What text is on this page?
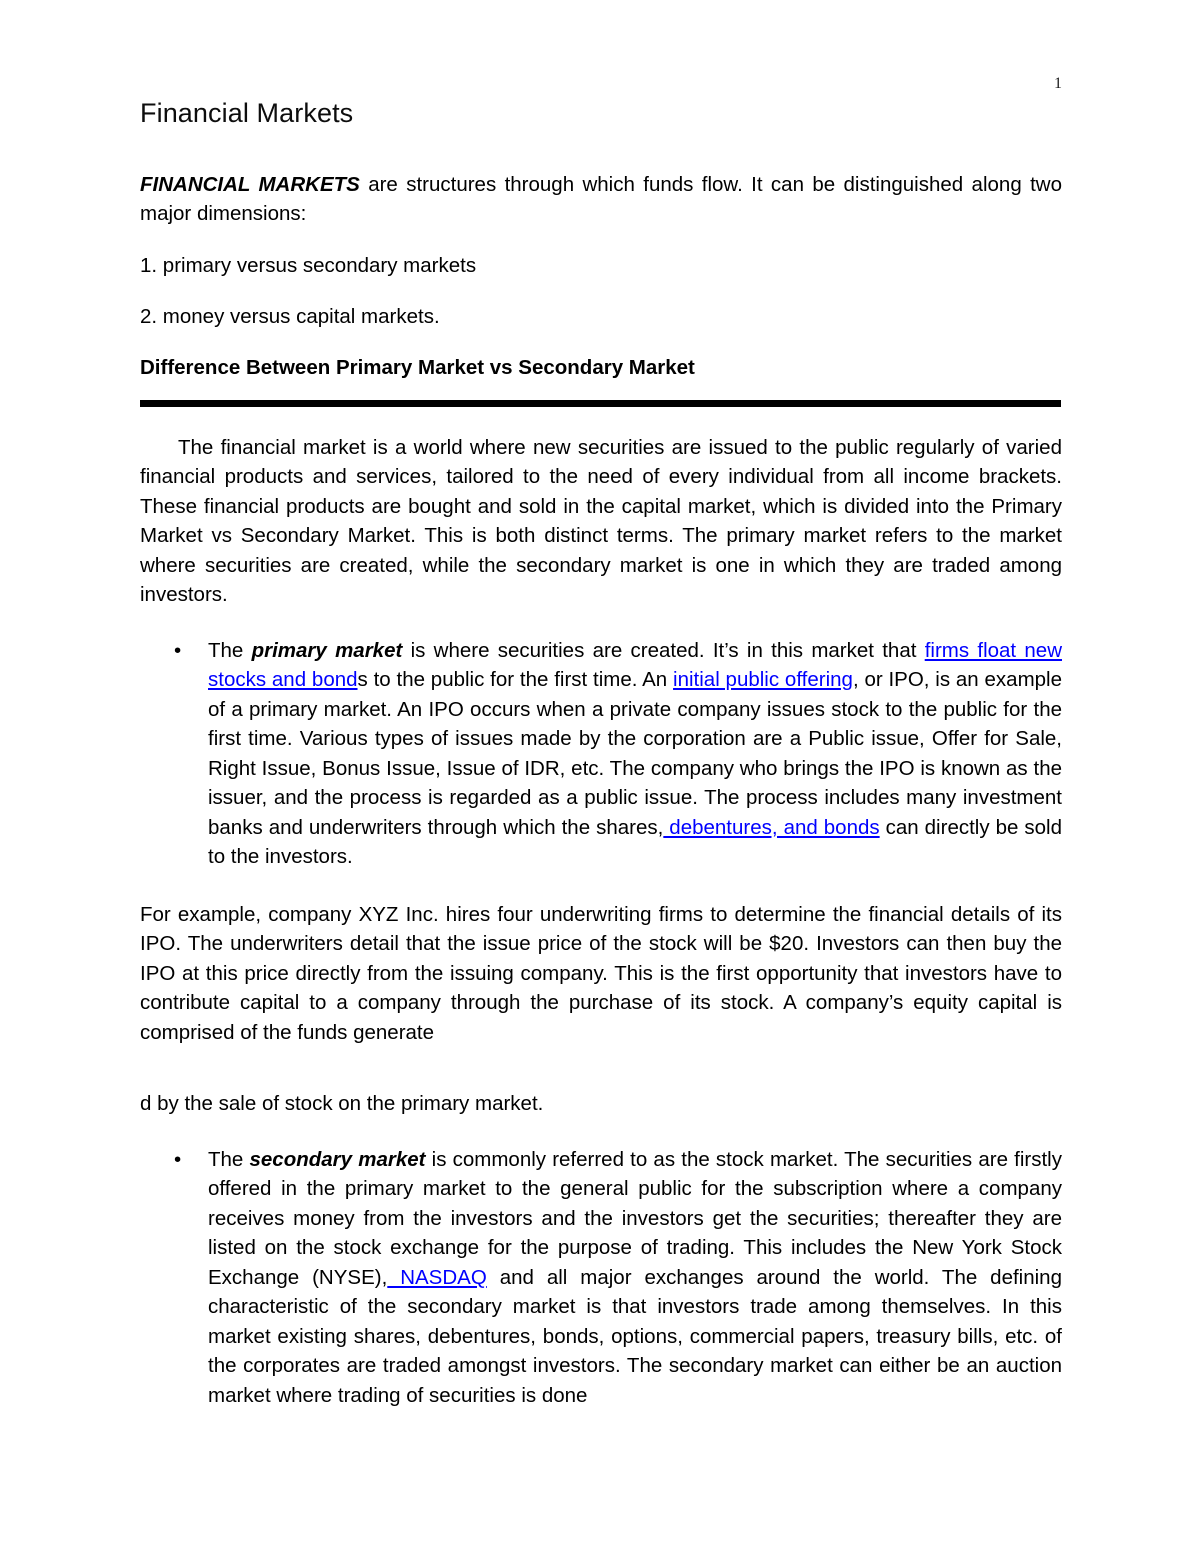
1
Financial Markets

FINANCIAL MARKETS are structures through which funds flow. It can be distinguished along two major dimensions:

1. primary versus secondary markets

2. money versus capital markets.

Difference Between Primary Market vs Secondary Market

The financial market is a world where new securities are issued to the public regularly of varied financial products and services, tailored to the need of every individual from all income brackets. These financial products are bought and sold in the capital market, which is divided into the Primary Market vs Secondary Market. This is both distinct terms. The primary market refers to the market where securities are created, while the secondary market is one in which they are traded among investors.

• The primary market is where securities are created. It’s in this market that firms float new stocks and bonds to the public for the first time. An initial public offering, or IPO, is an example of a primary market. An IPO occurs when a private company issues stock to the public for the first time. Various types of issues made by the corporation are a Public issue, Offer for Sale, Right Issue, Bonus Issue, Issue of IDR, etc. The company who brings the IPO is known as the issuer, and the process is regarded as a public issue. The process includes many investment banks and underwriters through which the shares, debentures, and bonds can directly be sold to the investors.

For example, company XYZ Inc. hires four underwriting firms to determine the financial details of its IPO. The underwriters detail that the issue price of the stock will be $20. Investors can then buy the IPO at this price directly from the issuing company. This is the first opportunity that investors have to contribute capital to a company through the purchase of its stock. A company’s equity capital is comprised of the funds generate

d by the sale of stock on the primary market.

• The secondary market is commonly referred to as the stock market. The securities are firstly offered in the primary market to the general public for the subscription where a company receives money from the investors and the investors get the securities; thereafter they are listed on the stock exchange for the purpose of trading. This includes the New York Stock Exchange (NYSE), NASDAQ and all major exchanges around the world. The defining characteristic of the secondary market is that investors trade among themselves. In this market existing shares, debentures, bonds, options, commercial papers, treasury bills, etc. of the corporates are traded amongst investors. The secondary market can either be an auction market where trading of securities is done
